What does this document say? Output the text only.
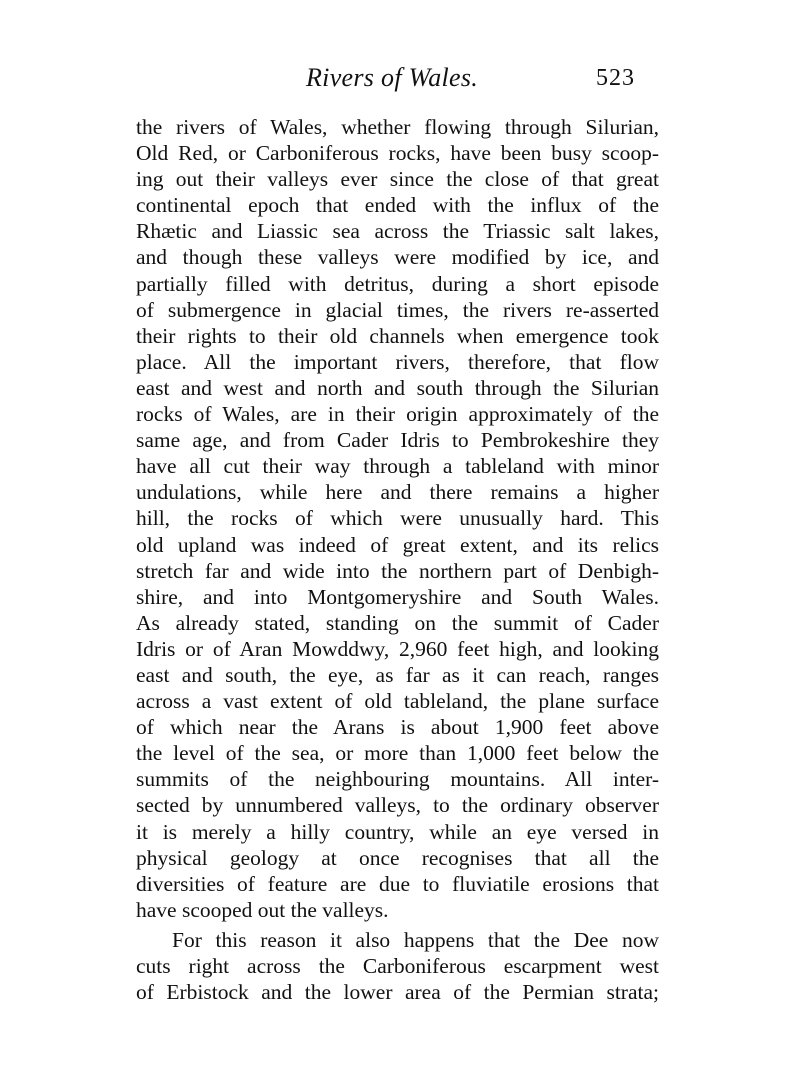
Rivers of Wales.	523
the rivers of Wales, whether flowing through Silurian,
Old Red, or Carboniferous rocks, have been busy scoop-
ing out their valleys ever since the close of that great
continental epoch that ended with the influx of the
Rhætic and Liassic sea across the Triassic salt lakes,
and though these valleys were modified by ice, and
partially filled with detritus, during a short episode
of submergence in glacial times, the rivers re-asserted
their rights to their old channels when emergence took
place. All the important rivers, therefore, that flow
east and west and north and south through the Silurian
rocks of Wales, are in their origin approximately of the
same age, and from Cader Idris to Pembrokeshire they
have all cut their way through a tableland with minor
undulations, while here and there remains a higher
hill, the rocks of which were unusually hard. This
old upland was indeed of great extent, and its relics
stretch far and wide into the northern part of Denbigh-
shire, and into Montgomeryshire and South Wales.
As already stated, standing on the summit of Cader
Idris or of Aran Mowddwy, 2,960 feet high, and looking
east and south, the eye, as far as it can reach, ranges
across a vast extent of old tableland, the plane surface
of which near the Arans is about 1,900 feet above
the level of the sea, or more than 1,000 feet below the
summits of the neighbouring mountains. All inter-
sected by unnumbered valleys, to the ordinary observer
it is merely a hilly country, while an eye versed in
physical geology at once recognises that all the
diversities of feature are due to fluviatile erosions that
have scooped out the valleys.
For this reason it also happens that the Dee now
cuts right across the Carboniferous escarpment west
of Erbistock and the lower area of the Permian strata;
